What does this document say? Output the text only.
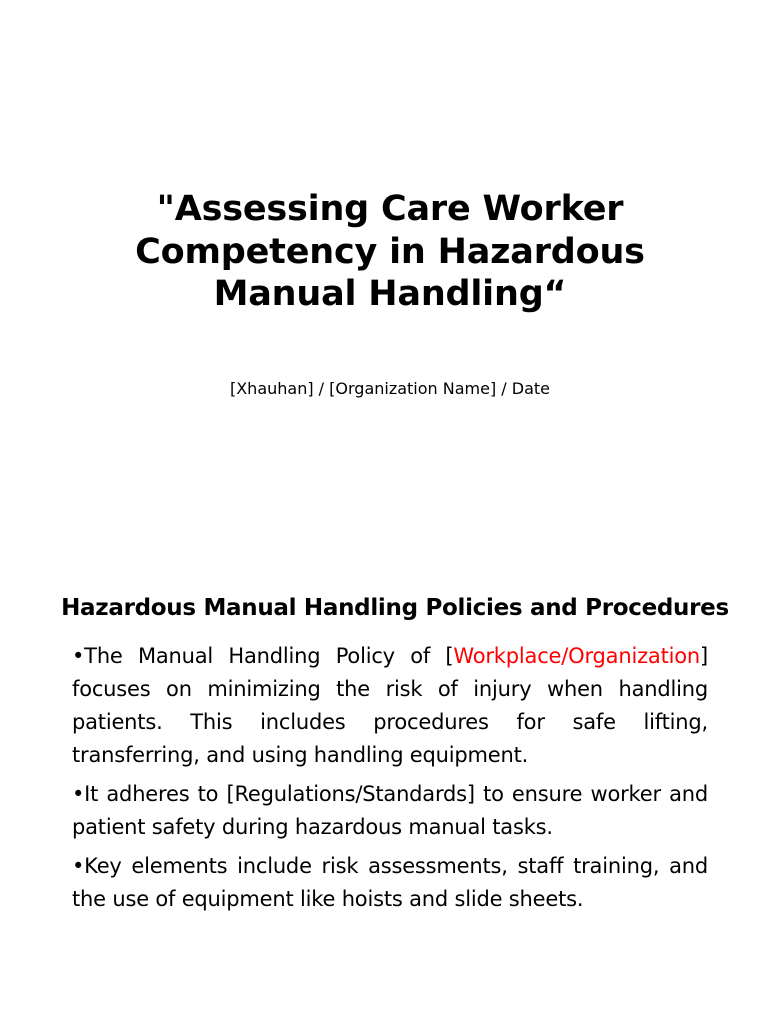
"Assessing Care Worker
Competency in Hazardous
Manual Handling“

[Xhauhan] / [Organization Name] / Date

Hazardous Manual Handling Policies and Procedures
•The Manual Handling Policy of [Workplace/Organization] focuses on minimizing the risk of injury when handling patients. This includes procedures for safe lifting, transferring, and using handling equipment.
•It adheres to [Regulations/Standards] to ensure worker and patient safety during hazardous manual tasks.
•Key elements include risk assessments, staff training, and the use of equipment like hoists and slide sheets.
